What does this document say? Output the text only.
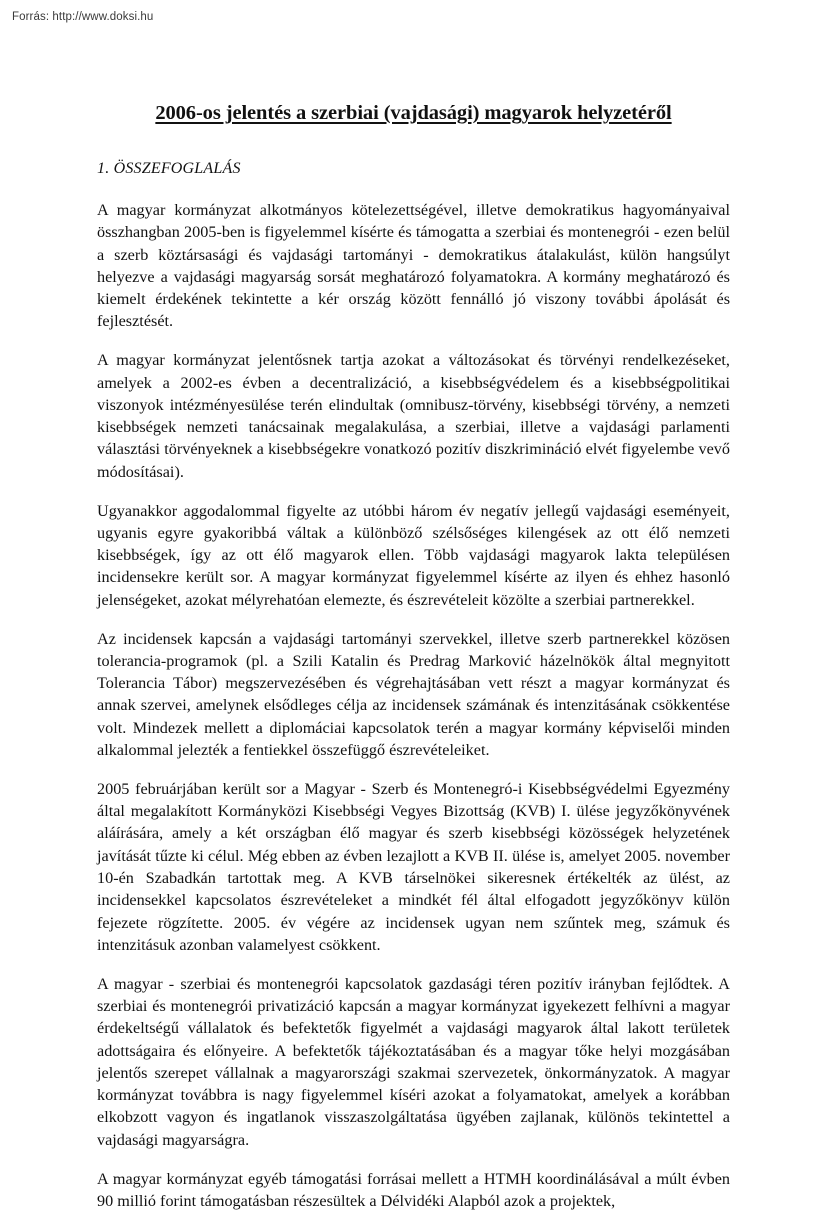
Forrás: http://www.doksi.hu
2006-os jelentés a szerbiai (vajdasági) magyarok helyzetéről
1. ÖSSZEFOGLALÁS

A magyar kormányzat alkotmányos kötelezettségével, illetve demokratikus hagyományaival összhangban 2005-ben is figyelemmel kísérte és támogatta a szerbiai és montenegrói - ezen belül a szerb köztársasági és vajdasági tartományi - demokratikus átalakulást, külön hangsúlyt helyezve a vajdasági magyarság sorsát meghatározó folyamatokra. A kormány meghatározó és kiemelt érdekének tekintette a kér ország között fennálló jó viszony további ápolását és fejlesztését.

A magyar kormányzat jelentősnek tartja azokat a változásokat és törvényi rendelkezéseket, amelyek a 2002-es évben a decentralizáció, a kisebbségvédelem és a kisebbségpolitikai viszonyok intézményesülése terén elindultak (omnibusz-törvény, kisebbségi törvény, a nemzeti kisebbségek nemzeti tanácsainak megalakulása, a szerbiai, illetve a vajdasági parlamenti választási törvényeknek a kisebbségekre vonatkozó pozitív diszkrimináció elvét figyelembe vevő módosításai).

Ugyanakkor aggodalommal figyelte az utóbbi három év negatív jellegű vajdasági eseményeit, ugyanis egyre gyakoribbá váltak a különböző szélsőséges kilengések az ott élő nemzeti kisebbségek, így az ott élő magyarok ellen. Több vajdasági magyarok lakta településen incidensekre került sor. A magyar kormányzat figyelemmel kísérte az ilyen és ehhez hasonló jelenségeket, azokat mélyrehatóan elemezte, és észrevételeit közölte a szerbiai partnerekkel.

Az incidensek kapcsán a vajdasági tartományi szervekkel, illetve szerb partnerekkel közösen tolerancia-programok (pl. a Szili Katalin és Predrag Marković házelnökök által megnyitott Tolerancia Tábor) megszervezésében és végrehajtásában vett részt a magyar kormányzat és annak szervei, amelynek elsődleges célja az incidensek számának és intenzitásának csökkentése volt. Mindezek mellett a diplomáciai kapcsolatok terén a magyar kormány képviselői minden alkalommal jelezték a fentiekkel összefüggő észrevételeiket.

2005 februárjában került sor a Magyar - Szerb és Montenegró-i Kisebbségvédelmi Egyezmény által megalakított Kormányközi Kisebbségi Vegyes Bizottság (KVB) I. ülése jegyzőkönyvének aláírására, amely a két országban élő magyar és szerb kisebbségi közösségek helyzetének javítását tűzte ki célul. Még ebben az évben lezajlott a KVB II. ülése is, amelyet 2005. november 10-én Szabadkán tartottak meg. A KVB társelnökei sikeresnek értékelték az ülést, az incidensekkel kapcsolatos észrevételeket a mindkét fél által elfogadott jegyzőkönyv külön fejezete rögzítette. 2005. év végére az incidensek ugyan nem szűntek meg, számuk és intenzitásuk azonban valamelyest csökkent.

A magyar - szerbiai és montenegrói kapcsolatok gazdasági téren pozitív irányban fejlődtek. A szerbiai és montenegrói privatizáció kapcsán a magyar kormányzat igyekezett felhívni a magyar érdekeltségű vállalatok és befektetők figyelmét a vajdasági magyarok által lakott területek adottságaira és előnyeire. A befektetők tájékoztatásában és a magyar tőke helyi mozgásában jelentős szerepet vállalnak a magyarországi szakmai szervezetek, önkormányzatok. A magyar kormányzat továbbra is nagy figyelemmel kíséri azokat a folyamatokat, amelyek a korábban elkobzott vagyon és ingatlanok visszaszolgáltatása ügyében zajlanak, különös tekintettel a vajdasági magyarságra.

A magyar kormányzat egyéb támogatási forrásai mellett a HTMH koordinálásával a múlt évben 90 millió forint támogatásban részesültek a Délvidéki Alapból azok a projektek,
